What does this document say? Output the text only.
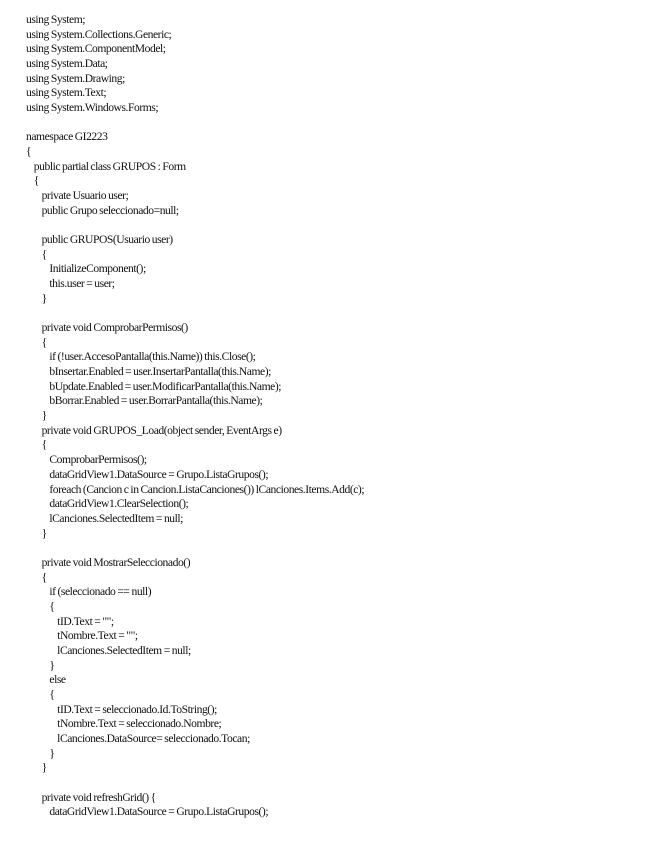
using System;
using System.Collections.Generic;
using System.ComponentModel;
using System.Data;
using System.Drawing;
using System.Text;
using System.Windows.Forms;
namespace GI2223
{
public partial class GRUPOS : Form
{
private Usuario user;
public Grupo seleccionado=null;
public GRUPOS(Usuario user)
{
InitializeComponent();
this.user = user;
}
private void ComprobarPermisos()
{
if (!user.AccesoPantalla(this.Name)) this.Close();
bInsertar.Enabled = user.InsertarPantalla(this.Name);
bUpdate.Enabled = user.ModificarPantalla(this.Name);
bBorrar.Enabled = user.BorrarPantalla(this.Name);
}
private void GRUPOS_Load(object sender, EventArgs e)
{
ComprobarPermisos();
dataGridView1.DataSource = Grupo.ListaGrupos();
foreach (Cancion c in Cancion.ListaCanciones()) lCanciones.Items.Add(c);
dataGridView1.ClearSelection();
lCanciones.SelectedItem = null;
}
private void MostrarSeleccionado()
{
if (seleccionado == null)
{
tID.Text = "";
tNombre.Text = "";
lCanciones.SelectedItem = null;
}
else
{
tID.Text = seleccionado.Id.ToString();
tNombre.Text = seleccionado.Nombre;
lCanciones.DataSource= seleccionado.Tocan;
}
}
private void refreshGrid() {
dataGridView1.DataSource = Grupo.ListaGrupos();
